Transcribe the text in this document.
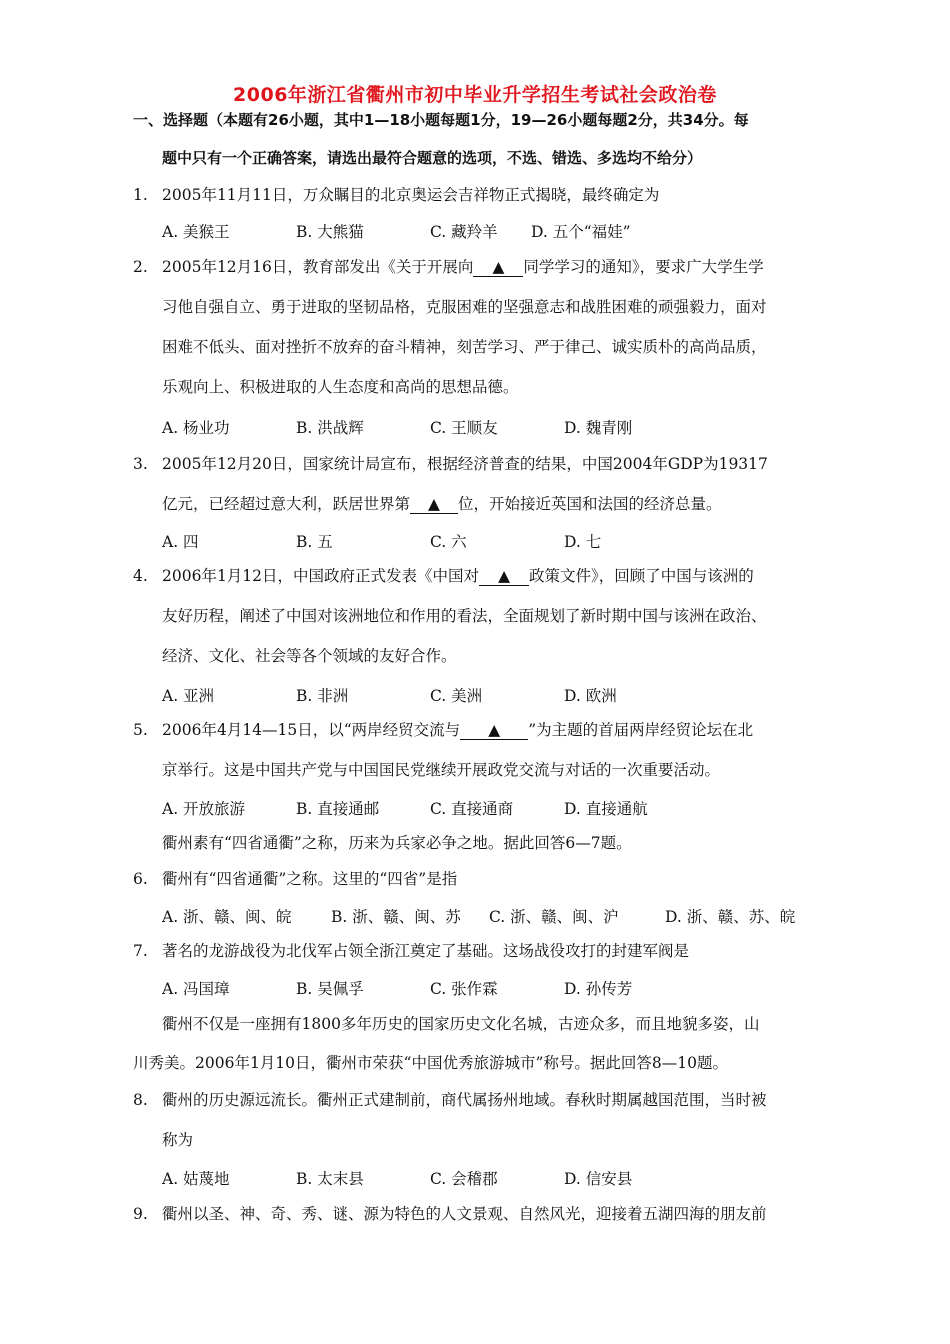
2006年浙江省衢州市初中毕业升学招生考试社会政治卷
一、选择题（本题有26小题，其中1—18小题每题1分，19—26小题每题2分，共34分。每
题中只有一个正确答案，请选出最符合题意的选项，不选、错选、多选均不给分）
1. 2005年11月11日，万众瞩目的北京奥运会吉祥物正式揭晓，最终确定为
A. 美猴王	B. 大熊猫	C. 藏羚羊 D. 五个“福娃”
2. 2005年12月16日，教育部发出《关于开展向 ▲ 同学学习的通知》，要求广大学生学
习他自强自立、勇于进取的坚韧品格，克服困难的坚强意志和战胜困难的顽强毅力，面对
困难不低头、面对挫折不放弃的奋斗精神，刻苦学习、严于律己、诚实质朴的高尚品质，
乐观向上、积极进取的人生态度和高尚的思想品德。
A. 杨业功	B. 洪战辉	C. 王顺友	D. 魏青刚
3. 2005年12月20日，国家统计局宣布，根据经济普查的结果，中国2004年GDP为19317
亿元，已经超过意大利，跃居世界第 ▲ 位，开始接近英国和法国的经济总量。
A. 四	B. 五	C. 六	D. 七
4. 2006年1月12日，中国政府正式发表《中国对 ▲ 政策文件》，回顾了中国与该洲的
友好历程，阐述了中国对该洲地位和作用的看法，全面规划了新时期中国与该洲在政治、
经济、文化、社会等各个领域的友好合作。
A. 亚洲	B. 非洲	C. 美洲	D. 欧洲
5. 2006年4月14—15日，以“两岸经贸交流与 ▲ ”为主题的首届两岸经贸论坛在北
京举行。这是中国共产党与中国国民党继续开展政党交流与对话的一次重要活动。
A. 开放旅游	B. 直接通邮	C. 直接通商	D. 直接通航
衢州素有“四省通衢”之称，历来为兵家必争之地。据此回答6—7题。
6. 衢州有“四省通衢”之称。这里的“四省”是指
A. 浙、赣、闽、皖	B. 浙、赣、闽、苏 C. 浙、赣、闽、沪	D. 浙、赣、苏、皖
7. 著名的龙游战役为北伐军占领全浙江奠定了基础。这场战役攻打的封建军阀是
A. 冯国璋	B. 吴佩孚	C. 张作霖	D. 孙传芳
衢州不仅是一座拥有1800多年历史的国家历史文化名城，古迹众多，而且地貌多姿，山
川秀美。2006年1月10日，衢州市荣获“中国优秀旅游城市”称号。据此回答8—10题。
8. 衢州的历史源远流长。衢州正式建制前，商代属扬州地域。春秋时期属越国范围，当时被
称为
A. 姑蔑地	B. 太末县	C. 会稽郡	D. 信安县
9. 衢州以圣、神、奇、秀、谜、源为特色的人文景观、自然风光，迎接着五湖四海的朋友前
